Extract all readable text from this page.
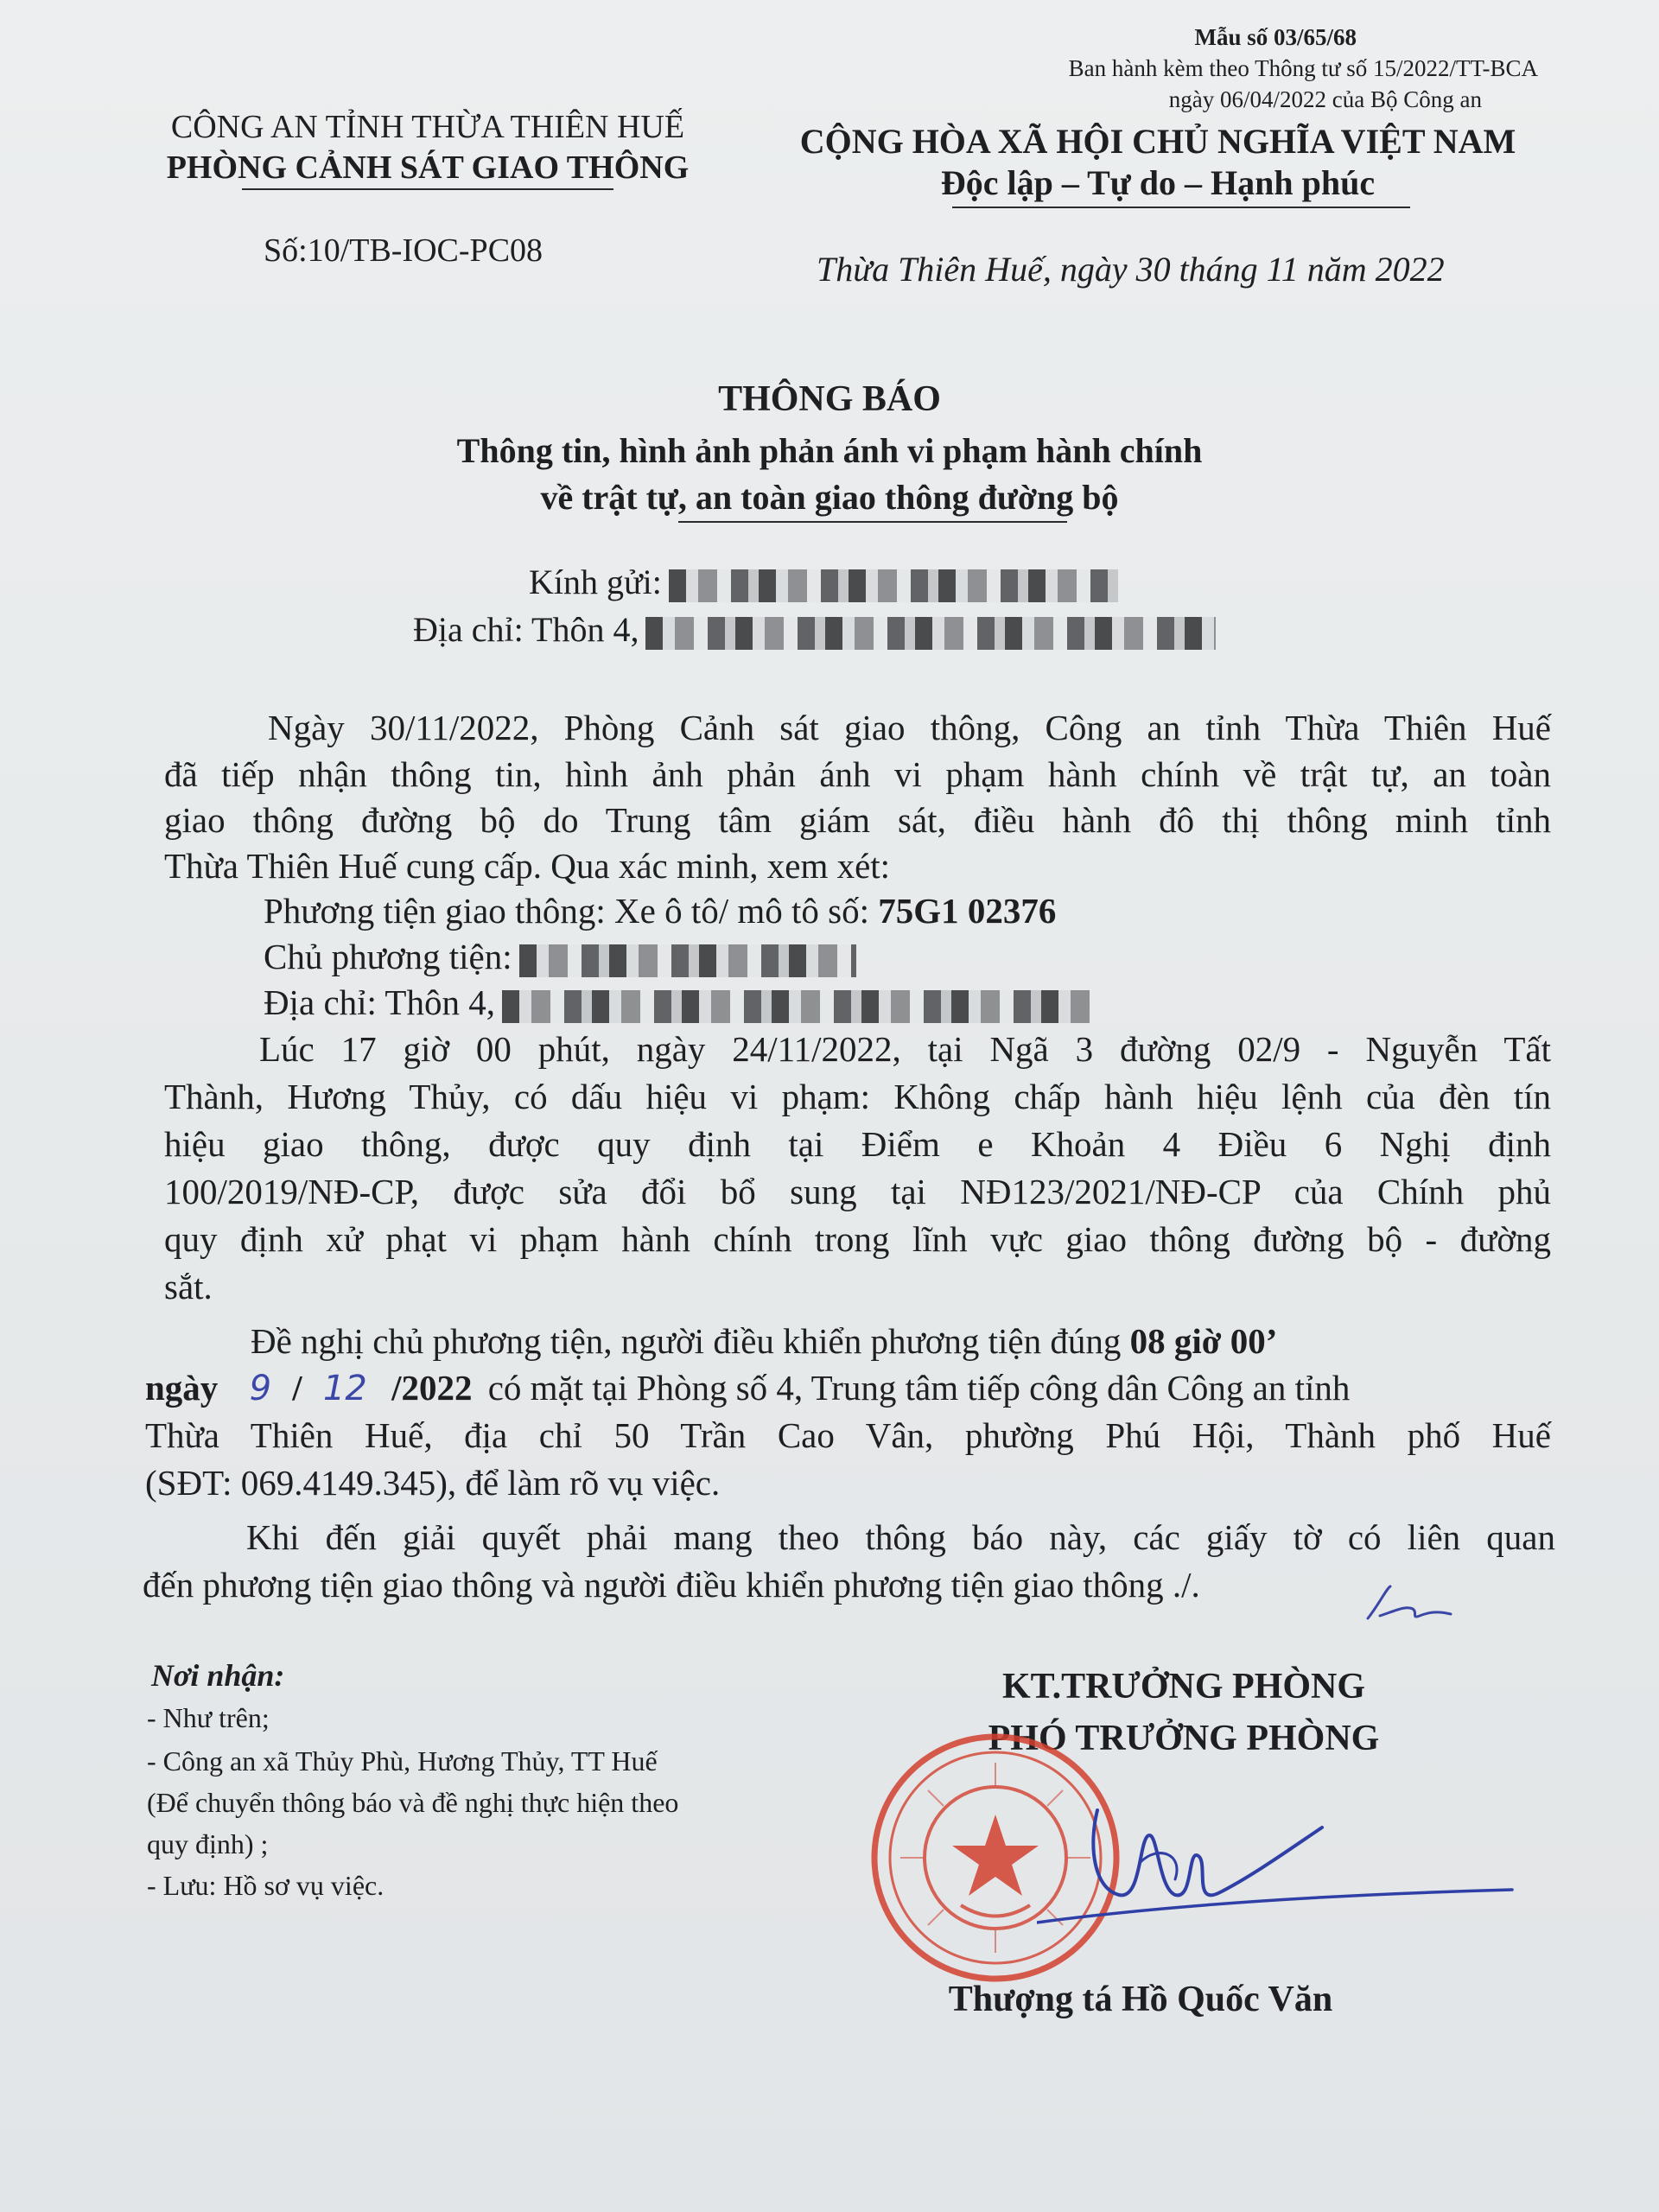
Mẫu số 03/65/68
Ban hành kèm theo Thông tư số 15/2022/TT-BCA
ngày 06/04/2022 của Bộ Công an
CÔNG AN TỈNH THỪA THIÊN HUẾ
PHÒNG CẢNH SÁT GIAO THÔNG
Số:10/TB-IOC-PC08
CỘNG HÒA XÃ HỘI CHỦ NGHĨA VIỆT NAM
Độc lập – Tự do – Hạnh phúc
Thừa Thiên Huế, ngày 30 tháng 11 năm 2022
THÔNG BÁO
Thông tin, hình ảnh phản ánh vi phạm hành chính
về trật tự, an toàn giao thông đường bộ
Kính gửi:
Địa chỉ: Thôn 4,
Ngày 30/11/2022, Phòng Cảnh sát giao thông, Công an tỉnh Thừa Thiên Huế
đã tiếp nhận thông tin, hình ảnh phản ánh vi phạm hành chính về trật tự, an toàn
giao thông đường bộ do Trung tâm giám sát, điều hành đô thị thông minh tỉnh
Thừa Thiên Huế cung cấp. Qua xác minh, xem xét:
Phương tiện giao thông: Xe ô tô/ mô tô số: 75G1 02376
Chủ phương tiện:
Địa chỉ: Thôn 4,
Lúc 17 giờ 00 phút, ngày 24/11/2022, tại Ngã 3 đường 02/9 - Nguyễn Tất
Thành, Hương Thủy, có dấu hiệu vi phạm: Không chấp hành hiệu lệnh của đèn tín
hiệu giao thông, được quy định tại Điểm e Khoản 4 Điều 6 Nghị định
100/2019/NĐ-CP, được sửa đổi bổ sung tại NĐ123/2021/NĐ-CP của Chính phủ
quy định xử phạt vi phạm hành chính trong lĩnh vực giao thông đường bộ - đường
sắt.
Đề nghị chủ phương tiện, người điều khiển phương tiện đúng 08 giờ 00’
ngày 9 / 12 /2022 có mặt tại Phòng số 4, Trung tâm tiếp công dân Công an tỉnh
Thừa Thiên Huế, địa chỉ 50 Trần Cao Vân, phường Phú Hội, Thành phố Huế
(SĐT: 069.4149.345), để làm rõ vụ việc.
Khi đến giải quyết phải mang theo thông báo này, các giấy tờ có liên quan
đến phương tiện giao thông và người điều khiển phương tiện giao thông ./.
Nơi nhận:
- Như trên;
- Công an xã Thủy Phù, Hương Thủy, TT Huế
(Để chuyển thông báo và đề nghị thực hiện theo
quy định) ;
- Lưu: Hồ sơ vụ việc.
KT.TRƯỞNG PHÒNG
PHÓ TRƯỞNG PHÒNG
Thượng tá Hồ Quốc Văn
